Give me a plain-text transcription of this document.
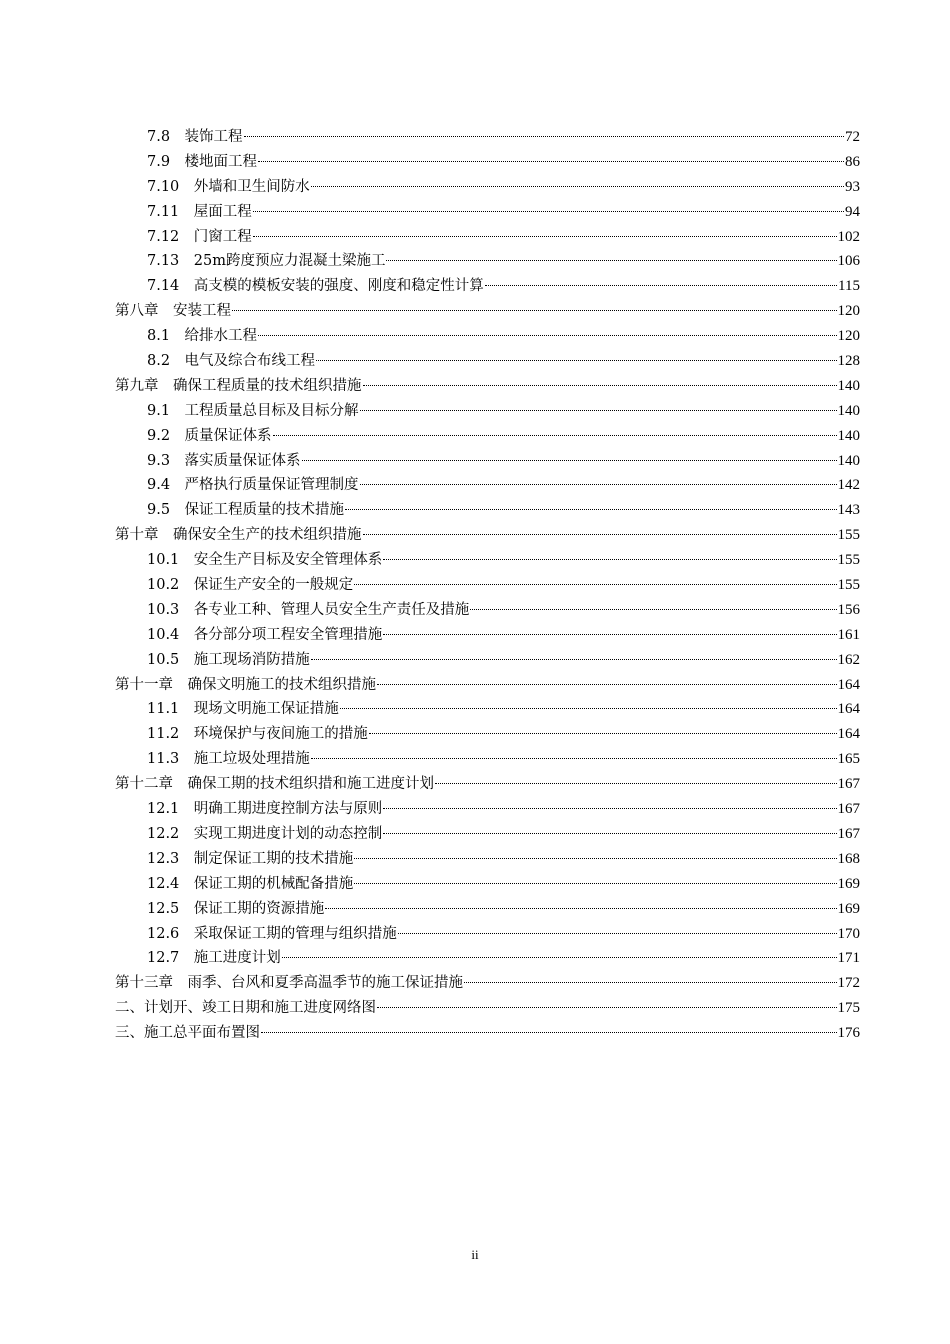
7.8　装饰工程	72
7.9　楼地面工程	86
7.10　外墙和卫生间防水	93
7.11　屋面工程	94
7.12　门窗工程	102
7.13　25m跨度预应力混凝土梁施工	106
7.14　高支模的模板安装的强度、刚度和稳定性计算	115
第八章　安装工程	120
8.1　给排水工程	120
8.2　电气及综合布线工程	128
第九章　确保工程质量的技术组织措施	140
9.1　工程质量总目标及目标分解	140
9.2　质量保证体系	140
9.3　落实质量保证体系	140
9.4　严格执行质量保证管理制度	142
9.5　保证工程质量的技术措施	143
第十章　确保安全生产的技术组织措施	155
10.1　安全生产目标及安全管理体系	155
10.2　保证生产安全的一般规定	155
10.3　各专业工种、管理人员安全生产责任及措施	156
10.4　各分部分项工程安全管理措施	161
10.5　施工现场消防措施	162
第十一章　确保文明施工的技术组织措施	164
11.1　现场文明施工保证措施	164
11.2　环境保护与夜间施工的措施	164
11.3　施工垃圾处理措施	165
第十二章　确保工期的技术组织措和施工进度计划	167
12.1　明确工期进度控制方法与原则	167
12.2　实现工期进度计划的动态控制	167
12.3　制定保证工期的技术措施	168
12.4　保证工期的机械配备措施	169
12.5　保证工期的资源措施	169
12.6　采取保证工期的管理与组织措施	170
12.7　施工进度计划	171
第十三章　雨季、台风和夏季高温季节的施工保证措施	172
二、计划开、竣工日期和施工进度网络图	175
三、施工总平面布置图	176
ii
